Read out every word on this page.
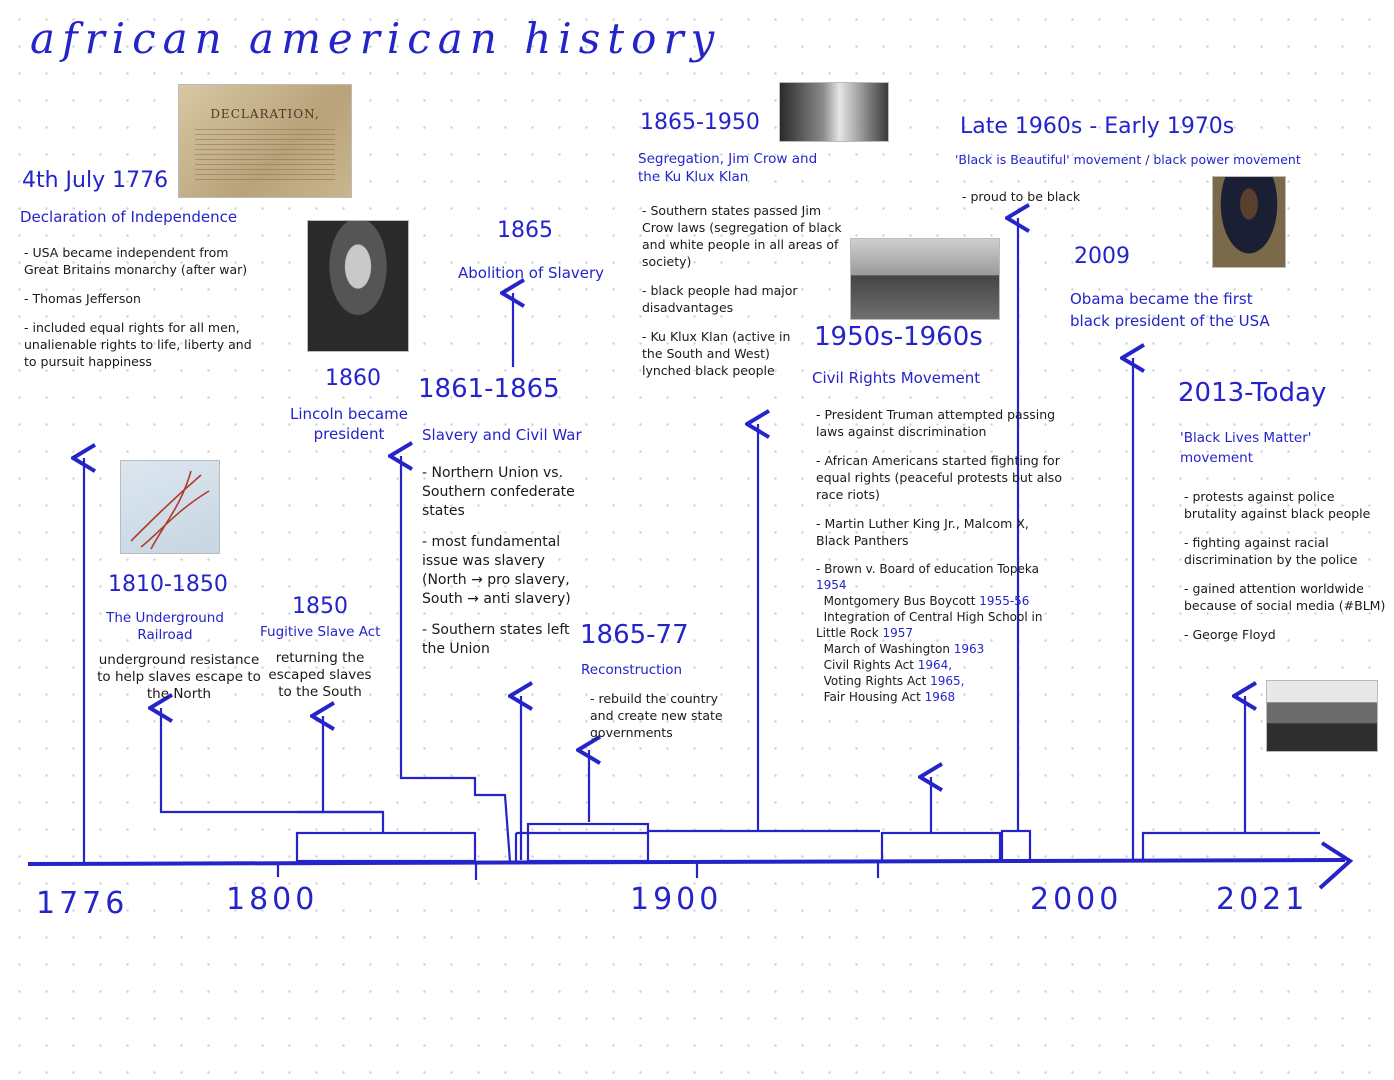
african american history
1776	1800	1900	2000	2021
4th July 1776
Declaration of Independence
- USA became independent from Great Britains monarchy (after war)
- Thomas Jefferson
- included equal rights for all men, unalienable rights to life, liberty and to pursuit happiness
DECLARATION,
1860
Lincoln became president
1865
Abolition of Slavery
1861-1865
Slavery and Civil War
- Northern Union vs. Southern confederate states
- most fundamental issue was slavery (North → pro slavery, South → anti slavery)
- Southern states left the Union
1810-1850
The Underground Railroad
underground resistance to help slaves escape to the North
1850
Fugitive Slave Act
returning the escaped slaves to the South
1865-77
Reconstruction
- rebuild the country and create new state governments
1865-1950
Segregation, Jim Crow and the Ku Klux Klan
- Southern states passed Jim Crow laws (segregation of black and white people in all areas of society)
- black people had major disadvantages
- Ku Klux Klan (active in the South and West) lynched black people
1950s-1960s
Civil Rights Movement
- President Truman attempted passing laws against discrimination
- African Americans started fighting for equal rights (peaceful protests but also race riots)
- Martin Luther King Jr., Malcom X, Black Panthers
- Brown v. Board of education Topeka 1954
Montgomery Bus Boycott 1955-56
Integration of Central High School in Little Rock 1957
March of Washington 1963
Civil Rights Act 1964,
Voting Rights Act 1965,
Fair Housing Act 1968
Late 1960s - Early 1970s
'Black is Beautiful' movement / black power movement
- proud to be black
2009
Obama became the first black president of the USA
2013-Today
'Black Lives Matter' movement
- protests against police brutality against black people
- fighting against racial discrimination by the police
- gained attention worldwide because of social media (#BLM)
- George Floyd
